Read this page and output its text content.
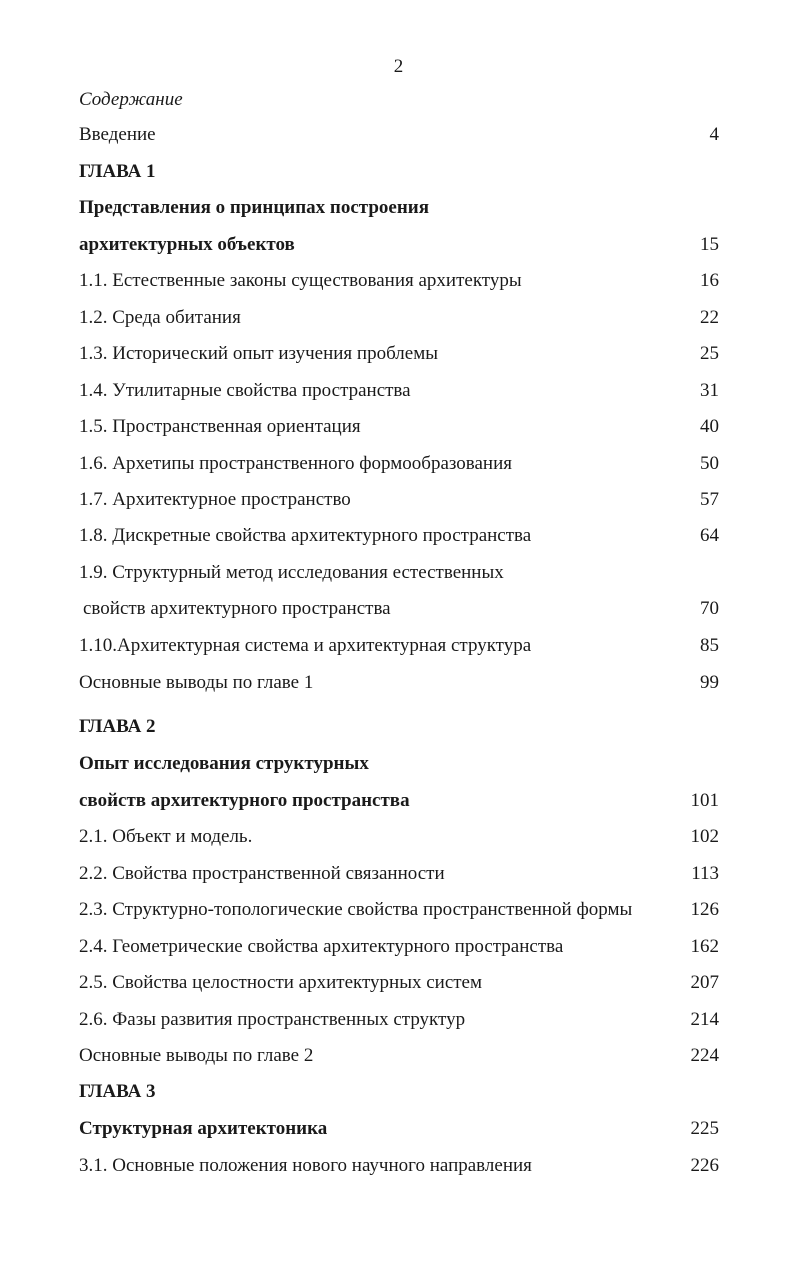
2
Содержание
Введение	4
ГЛАВА 1
Представления о принципах построения
архитектурных объектов	15
1.1. Естественные законы существования архитектуры	16
1.2. Среда обитания	22
1.3. Исторический опыт изучения проблемы	25
1.4. Утилитарные свойства пространства	31
1.5. Пространственная ориентация	40
1.6. Архетипы пространственного формообразования	50
1.7. Архитектурное пространство	57
1.8. Дискретные свойства архитектурного пространства	64
1.9. Структурный метод исследования естественных
свойств архитектурного пространства	70
1.10.Архитектурная система и архитектурная структура	85
Основные выводы по главе 1	99
ГЛАВА 2
Опыт исследования структурных
свойств архитектурного пространства	101
2.1. Объект и модель.	102
2.2. Свойства пространственной связанности	113
2.3. Структурно-топологические свойства пространственной формы	126
2.4. Геометрические свойства архитектурного пространства	162
2.5. Свойства целостности архитектурных систем	207
2.6. Фазы развития пространственных структур	214
Основные выводы по главе 2	224
ГЛАВА 3
Структурная архитектоника	225
3.1. Основные положения нового научного направления	226
